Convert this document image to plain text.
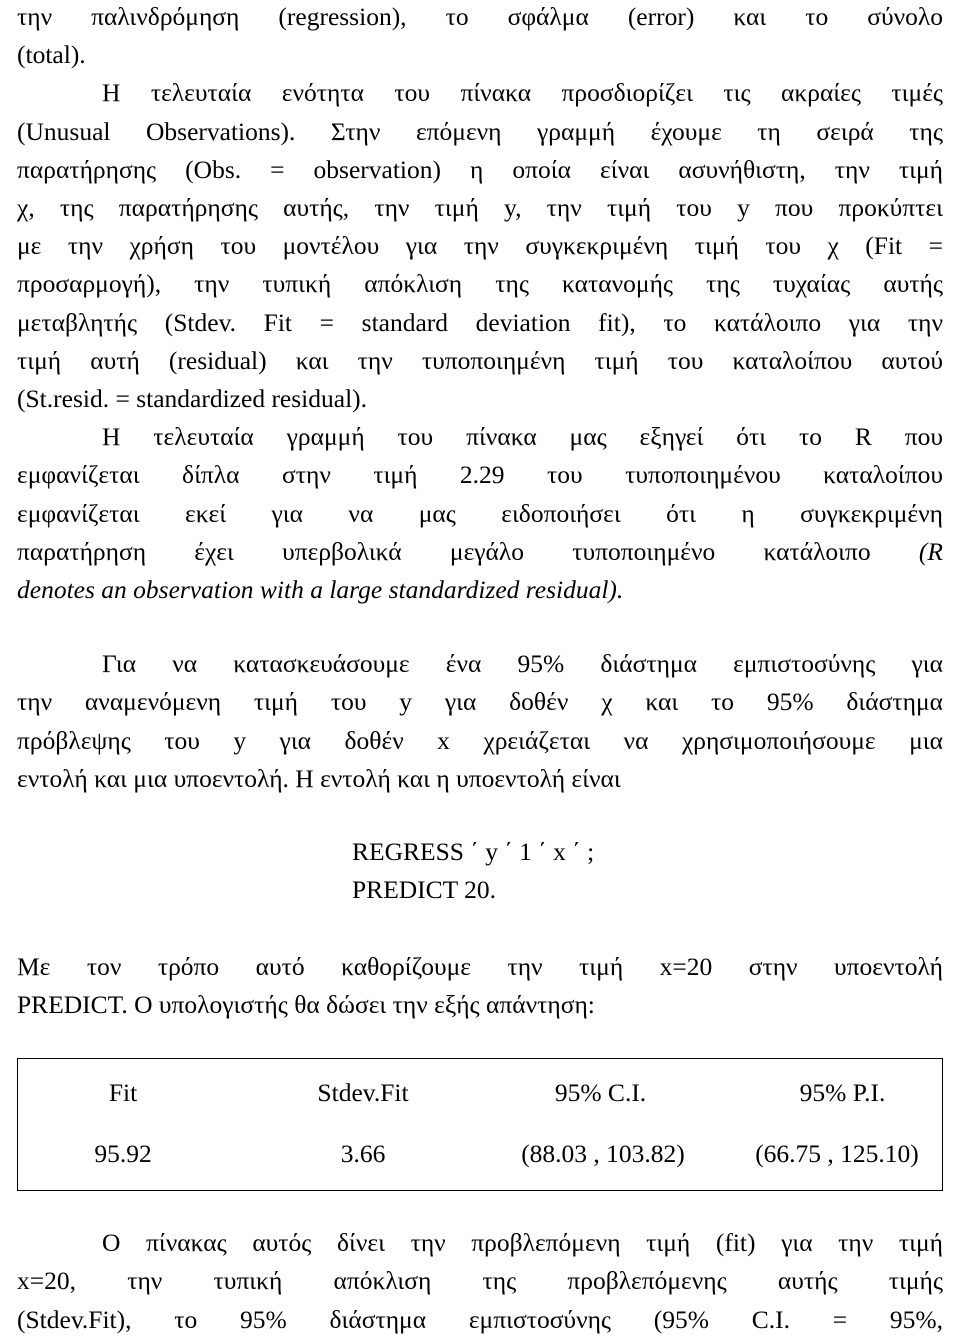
την παλινδρόμηση (regression), το σφάλμα (error) και το σύνολο
(total).
Η τελευταία ενότητα του πίνακα προσδιορίζει τις ακραίες τιμές
(Unusual Observations). Στην επόμενη γραμμή έχουμε τη σειρά της
παρατήρησης (Obs. = observation) η οποία είναι ασυνήθιστη, την τιμή
χ, της παρατήρησης αυτής, την τιμή y, την τιμή του y που προκύπτει
με την χρήση του μοντέλου για την συγκεκριμένη τιμή του χ (Fit =
προσαρμογή), την τυπική απόκλιση της κατανομής της τυχαίας αυτής
μεταβλητής (Stdev. Fit = standard deviation fit), το κατάλοιπο για την
τιμή αυτή (residual) και την τυποποιημένη τιμή του καταλοίπου αυτού
(St.resid. = standardized residual).
Η τελευταία γραμμή του πίνακα μας εξηγεί ότι το R που
εμφανίζεται δίπλα στην τιμή 2.29 του τυποποιημένου καταλοίπου
εμφανίζεται εκεί για να μας ειδοποιήσει ότι η συγκεκριμένη
παρατήρηση έχει υπερβολικά μεγάλο τυποποιημένο κατάλοιπο (R
denotes an observation with a large standardized residual).
Για να κατασκευάσουμε ένα 95% διάστημα εμπιστοσύνης για
την αναμενόμενη τιμή του y για δοθέν χ και το 95% διάστημα
πρόβλεψης του y για δοθέν x χρειάζεται να χρησιμοποιήσουμε μια
εντολή και μια υποεντολή. Η εντολή και η υποεντολή είναι
REGRESS ΄ y ΄ 1 ΄ x ΄ ;
PREDICT 20.
Με τον τρόπο αυτό καθορίζουμε την τιμή x=20 στην υποεντολή
PREDICT. Ο υπολογιστής θα δώσει την εξής απάντηση:
Fit	Stdev.Fit	95% C.I.	95% P.I.
95.92	3.66	(88.03 , 103.82)	(66.75 , 125.10)
Ο πίνακας αυτός δίνει την προβλεπόμενη τιμή (fit) για την τιμή
x=20, την τυπική απόκλιση της προβλεπόμενης αυτής τιμής
(Stdev.Fit), το 95% διάστημα εμπιστοσύνης (95% C.I. = 95%,
